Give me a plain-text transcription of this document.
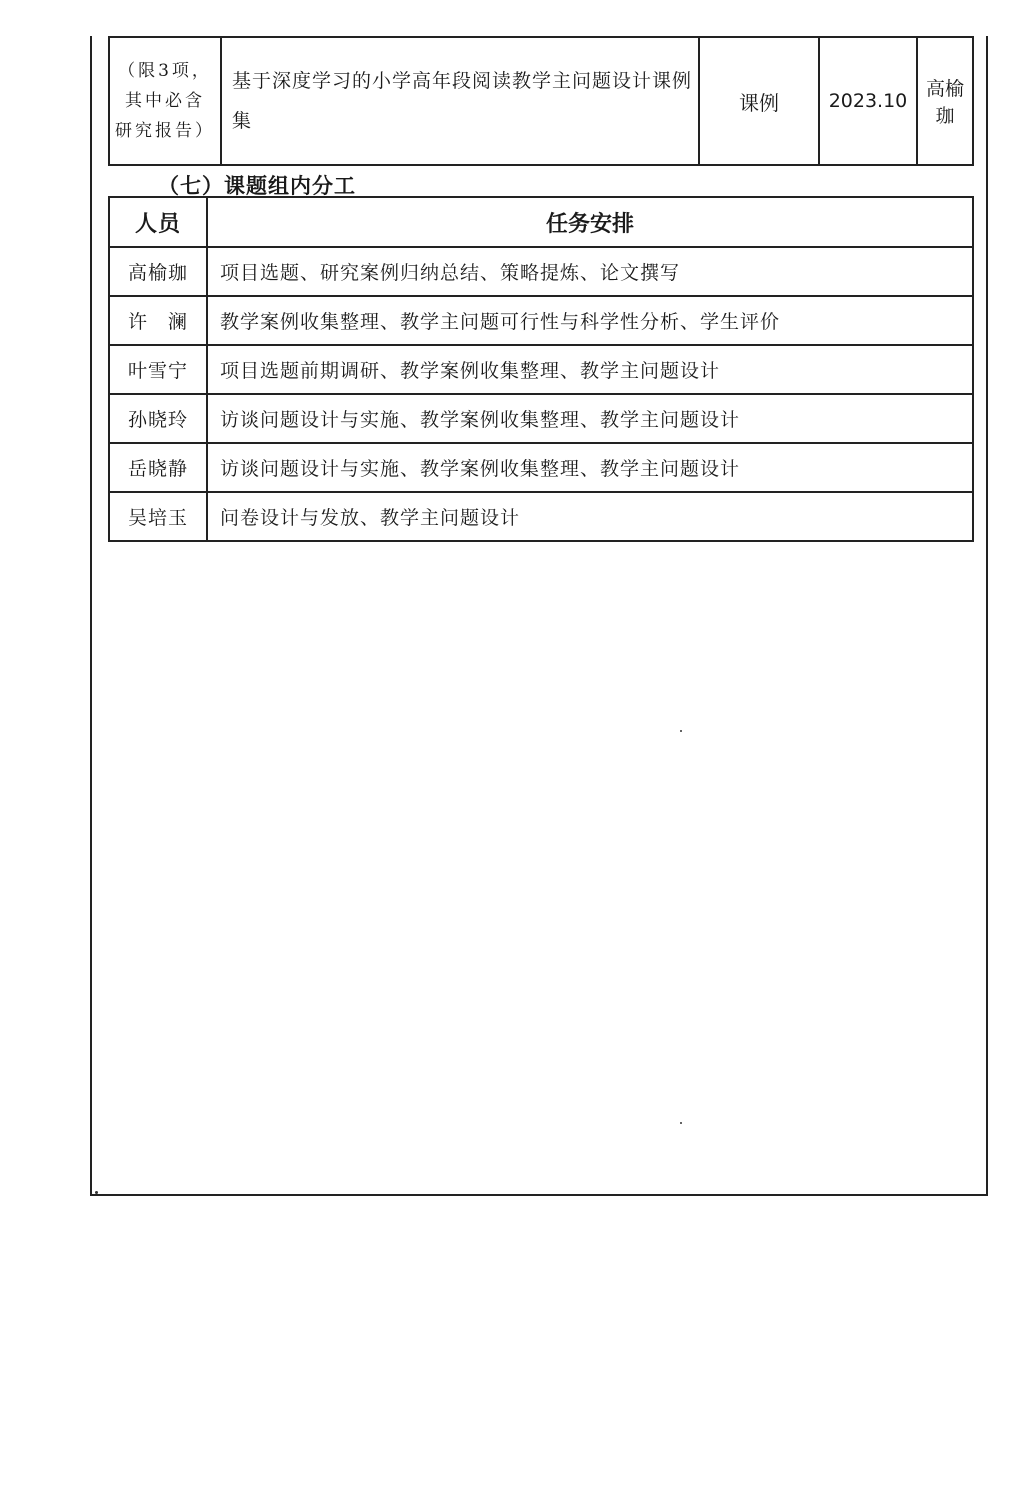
（限3项，
其中必含
研究报告）
	基于深度学习的小学高年段阅读教学主问题设计课例集	课例	2023.10	高榆珈
（七）课题组内分工
人员	任务安排
高榆珈	项目选题、研究案例归纳总结、策略提炼、论文撰写
许　澜	教学案例收集整理、教学主问题可行性与科学性分析、学生评价
叶雪宁	项目选题前期调研、教学案例收集整理、教学主问题设计
孙晓玲	访谈问题设计与实施、教学案例收集整理、教学主问题设计
岳晓静	访谈问题设计与实施、教学案例收集整理、教学主问题设计
吴培玉	问卷设计与发放、教学主问题设计
